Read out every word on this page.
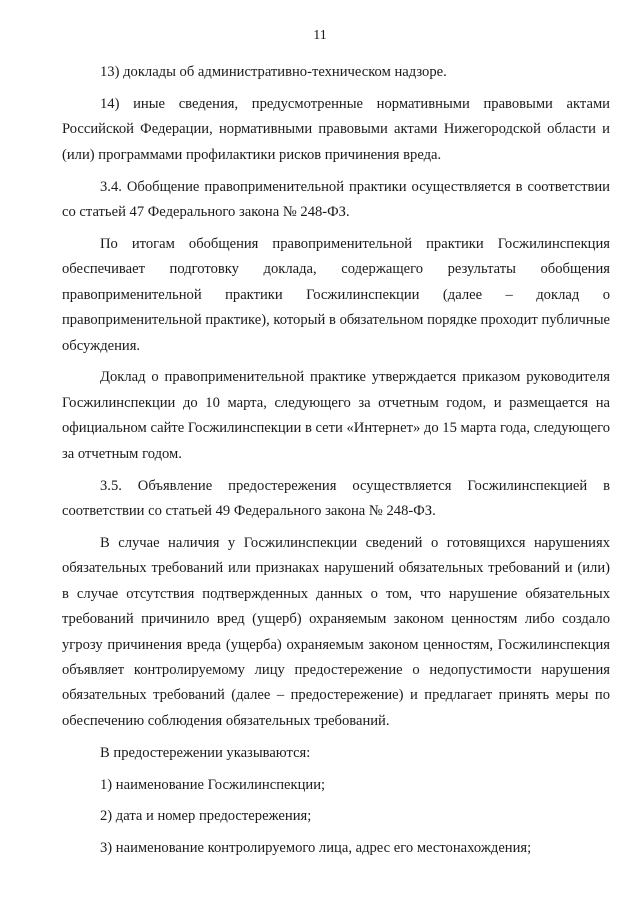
11

13) доклады об административно-техническом надзоре.

14) иные сведения, предусмотренные нормативными правовыми актами Российской Федерации, нормативными правовыми актами Нижегородской области и (или) программами профилактики рисков причинения вреда.

3.4. Обобщение правоприменительной практики осуществляется в соответствии со статьей 47 Федерального закона № 248-ФЗ.

По итогам обобщения правоприменительной практики Госжилинспекция обеспечивает подготовку доклада, содержащего результаты обобщения правоприменительной практики Госжилинспекции (далее – доклад о правоприменительной практике), который в обязательном порядке проходит публичные обсуждения.

Доклад о правоприменительной практике утверждается приказом руководителя Госжилинспекции до 10 марта, следующего за отчетным годом, и размещается на официальном сайте Госжилинспекции в сети «Интернет» до 15 марта года, следующего за отчетным годом.

3.5. Объявление предостережения осуществляется Госжилинспекцией в соответствии со статьей 49 Федерального закона № 248-ФЗ.

В случае наличия у Госжилинспекции сведений о готовящихся нарушениях обязательных требований или признаках нарушений обязательных требований и (или) в случае отсутствия подтвержденных данных о том, что нарушение обязательных требований причинило вред (ущерб) охраняемым законом ценностям либо создало угрозу причинения вреда (ущерба) охраняемым законом ценностям, Госжилинспекция объявляет контролируемому лицу предостережение о недопустимости нарушения обязательных требований (далее – предостережение) и предлагает принять меры по обеспечению соблюдения обязательных требований.

В предостережении указываются:

1) наименование Госжилинспекции;

2) дата и номер предостережения;

3) наименование контролируемого лица, адрес его местонахождения;
